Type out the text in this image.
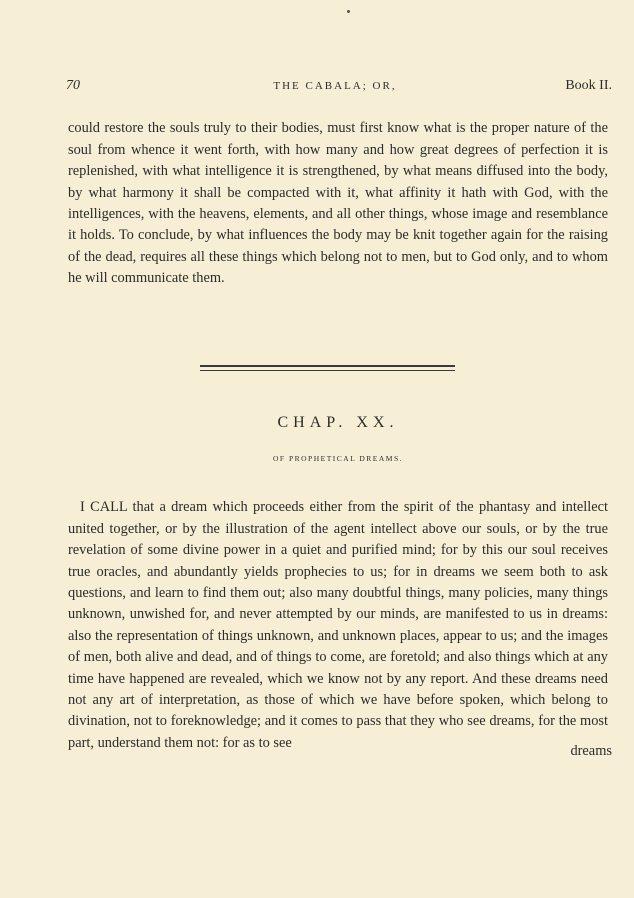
70	THE CABALA; OR,	Book II.

could restore the souls truly to their bodies, must first know what is the proper nature of the soul from whence it went forth, with how many and how great degrees of perfection it is replenished, with what intelligence it is strengthened, by what means diffused into the body, by what harmony it shall be compacted with it, what affinity it hath with God, with the intelligences, with the heavens, elements, and all other things, whose image and resemblance it holds. To conclude, by what influences the body may be knit together again for the raising of the dead, requires all these things which belong not to men, but to God only, and to whom he will communicate them.

CHAP. XX.
OF PROPHETICAL DREAMS.

I CALL that a dream which proceeds either from the spirit of the phantasy and intellect united together, or by the illustration of the agent intellect above our souls, or by the true revelation of some divine power in a quiet and purified mind; for by this our soul receives true oracles, and abundantly yields prophecies to us; for in dreams we seem both to ask questions, and learn to find them out; also many doubtful things, many policies, many things unknown, unwished for, and never attempted by our minds, are manifested to us in dreams: also the representation of things unknown, and unknown places, appear to us; and the images of men, both alive and dead, and of things to come, are foretold; and also things which at any time have happened are revealed, which we know not by any report. And these dreams need not any art of interpretation, as those of which we have before spoken, which belong to divination, not to foreknowledge; and it comes to pass that they who see dreams, for the most part, understand them not: for as to see

dreams
